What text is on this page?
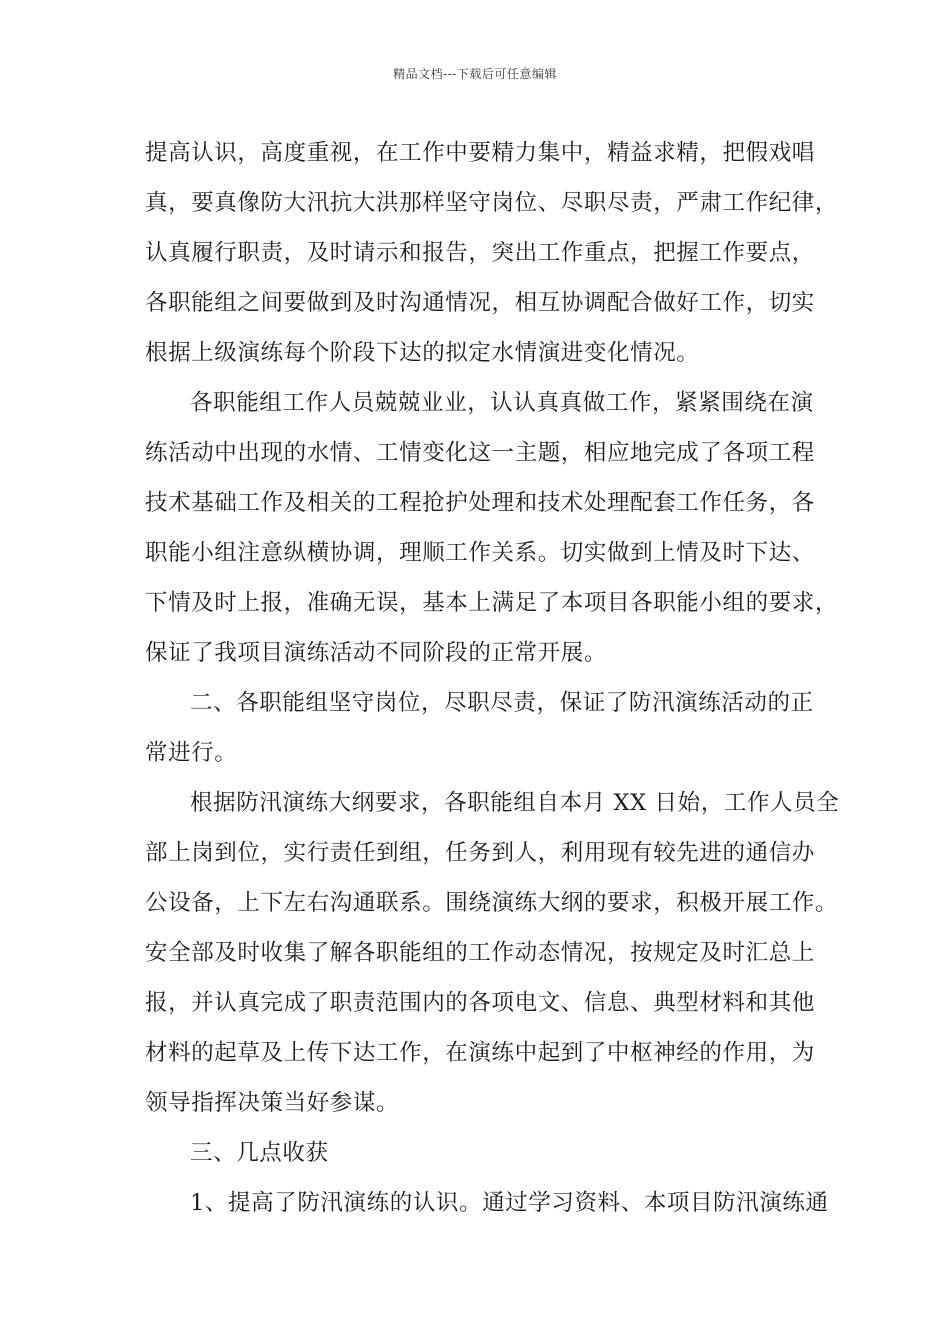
精品文档---下载后可任意编辑
提高认识，高度重视，在工作中要精力集中，精益求精，把假戏唱
真，要真像防大汛抗大洪那样坚守岗位、尽职尽责，严肃工作纪律，
认真履行职责，及时请示和报告，突出工作重点，把握工作要点，
各职能组之间要做到及时沟通情况，相互协调配合做好工作，切实
根据上级演练每个阶段下达的拟定水情演进变化情况。
各职能组工作人员兢兢业业，认认真真做工作，紧紧围绕在演
练活动中出现的水情、工情变化这一主题，相应地完成了各项工程
技术基础工作及相关的工程抢护处理和技术处理配套工作任务，各
职能小组注意纵横协调，理顺工作关系。切实做到上情及时下达、
下情及时上报，准确无误，基本上满足了本项目各职能小组的要求，
保证了我项目演练活动不同阶段的正常开展。
二、各职能组坚守岗位，尽职尽责，保证了防汛演练活动的正
常进行。
根据防汛演练大纲要求，各职能组自本月 XX 日始，工作人员全
部上岗到位，实行责任到组，任务到人，利用现有较先进的通信办
公设备，上下左右沟通联系。围绕演练大纲的要求，积极开展工作。
安全部及时收集了解各职能组的工作动态情况，按规定及时汇总上
报，并认真完成了职责范围内的各项电文、信息、典型材料和其他
材料的起草及上传下达工作，在演练中起到了中枢神经的作用，为
领导指挥决策当好参谋。
三、几点收获
1、提高了防汛演练的认识。通过学习资料、本项目防汛演练通
